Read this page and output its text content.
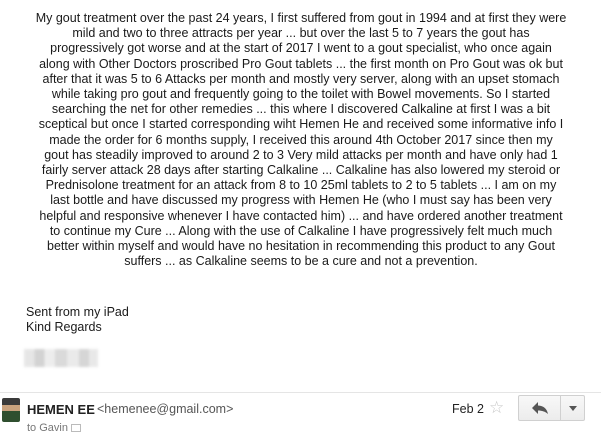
My gout treatment over the past 24 years, I first suffered from gout in 1994 and at first they were
mild and two to three attracts per year ... but over the last 5 to 7 years the gout has
progressively got worse and at the start of 2017 I went to a gout specialist, who once again
along with Other Doctors proscribed Pro Gout tablets ... the first month on Pro Gout was ok but
after that it was 5 to 6 Attacks per month and mostly very server, along with an upset stomach
while taking pro gout and frequently going to the toilet with Bowel movements. So I started
searching the net for other remedies ... this where I discovered Calkaline at first I was a bit
sceptical but once I started corresponding wiht Hemen He and received some informative info I
made the order for 6 months supply, I received this around 4th October 2017 since then my
gout has steadily improved to around 2 to 3 Very mild attacks per month and have only had 1
fairly server attack 28 days after starting Calkaline ... Calkaline has also lowered my steroid or
Prednisolone treatment for an attack from 8 to 10 25ml tablets to 2 to 5 tablets ... I am on my
last bottle and have discussed my progress with Hemen He (who I must say has been very
helpful and responsive whenever I have contacted him) ... and have ordered another treatment
to continue my Cure ... Along with the use of Calkaline I have progressively felt much much
better within myself and would have no hesitation in recommending this product to any Gout
suffers ... as Calkaline seems to be a cure and not a prevention.
Sent from my iPad
Kind Regards
HEMEN EE <hemenee@gmail.com>
to Gavin
Feb 2 ☆
